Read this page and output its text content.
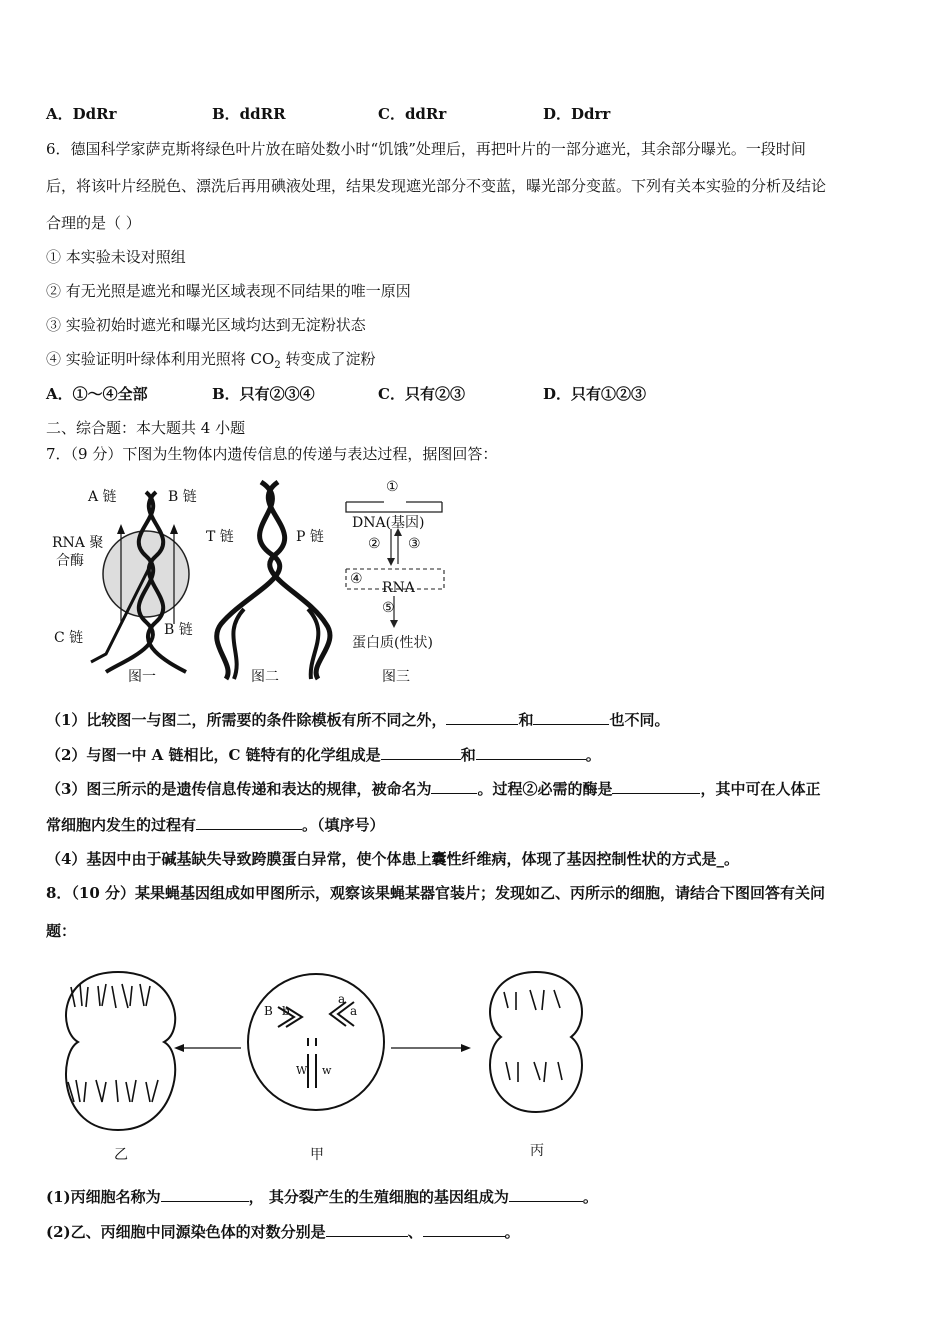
A．DdRr	B．ddRR	C．ddRr	D．Ddrr
6．德国科学家萨克斯将绿色叶片放在暗处数小时“饥饿”处理后，再把叶片的一部分遮光，其余部分曝光。一段时间
后，将该叶片经脱色、漂洗后再用碘液处理，结果发现遮光部分不变蓝，曝光部分变蓝。下列有关本实验的分析及结论
合理的是（ ）
① 本实验未设对照组
② 有无光照是遮光和曝光区域表现不同结果的唯一原因
③ 实验初始时遮光和曝光区域均达到无淀粉状态
④ 实验证明叶绿体利用光照将 $CO_2$ 转变成了淀粉
A．①～④全部	B．只有②③④	C．只有②③	D．只有①②③
二、综合题：本大题共 4 小题
7．（9 分）下图为生物体内遗传信息的传递与表达过程，据图回答：
A 链	B 链
RNA 聚
合酶
C 链	B 链
图一
T 链	P 链
图二
①
DNA(基因)
② ③
④
RNA
⑤
蛋白质(性状)
图三
（1）比较图一与图二，所需要的条件除模板有所不同之外，	和	也不同。
（2）与图一中 A 链相比，C 链特有的化学组成是	和	。
（3）图三所示的是遗传信息传递和表达的规律，被命名为	。过程②必需的酶是	，其中可在人体正
常细胞内发生的过程有	。（填序号）
（4）基因中由于碱基缺失导致跨膜蛋白异常，使个体患上囊性纤维病，体现了基因控制性状的方式是_。
8．（10 分）某果蝇基因组成如甲图所示，观察该果蝇某器官装片；发现如乙、丙所示的细胞，请结合下图回答有关问
题：
B b
a
a
W w
乙	甲	丙
(1)丙细胞名称为	， 其分裂产生的生殖细胞的基因组成为	。
(2)乙、丙细胞中同源染色体的对数分别是	、	。
